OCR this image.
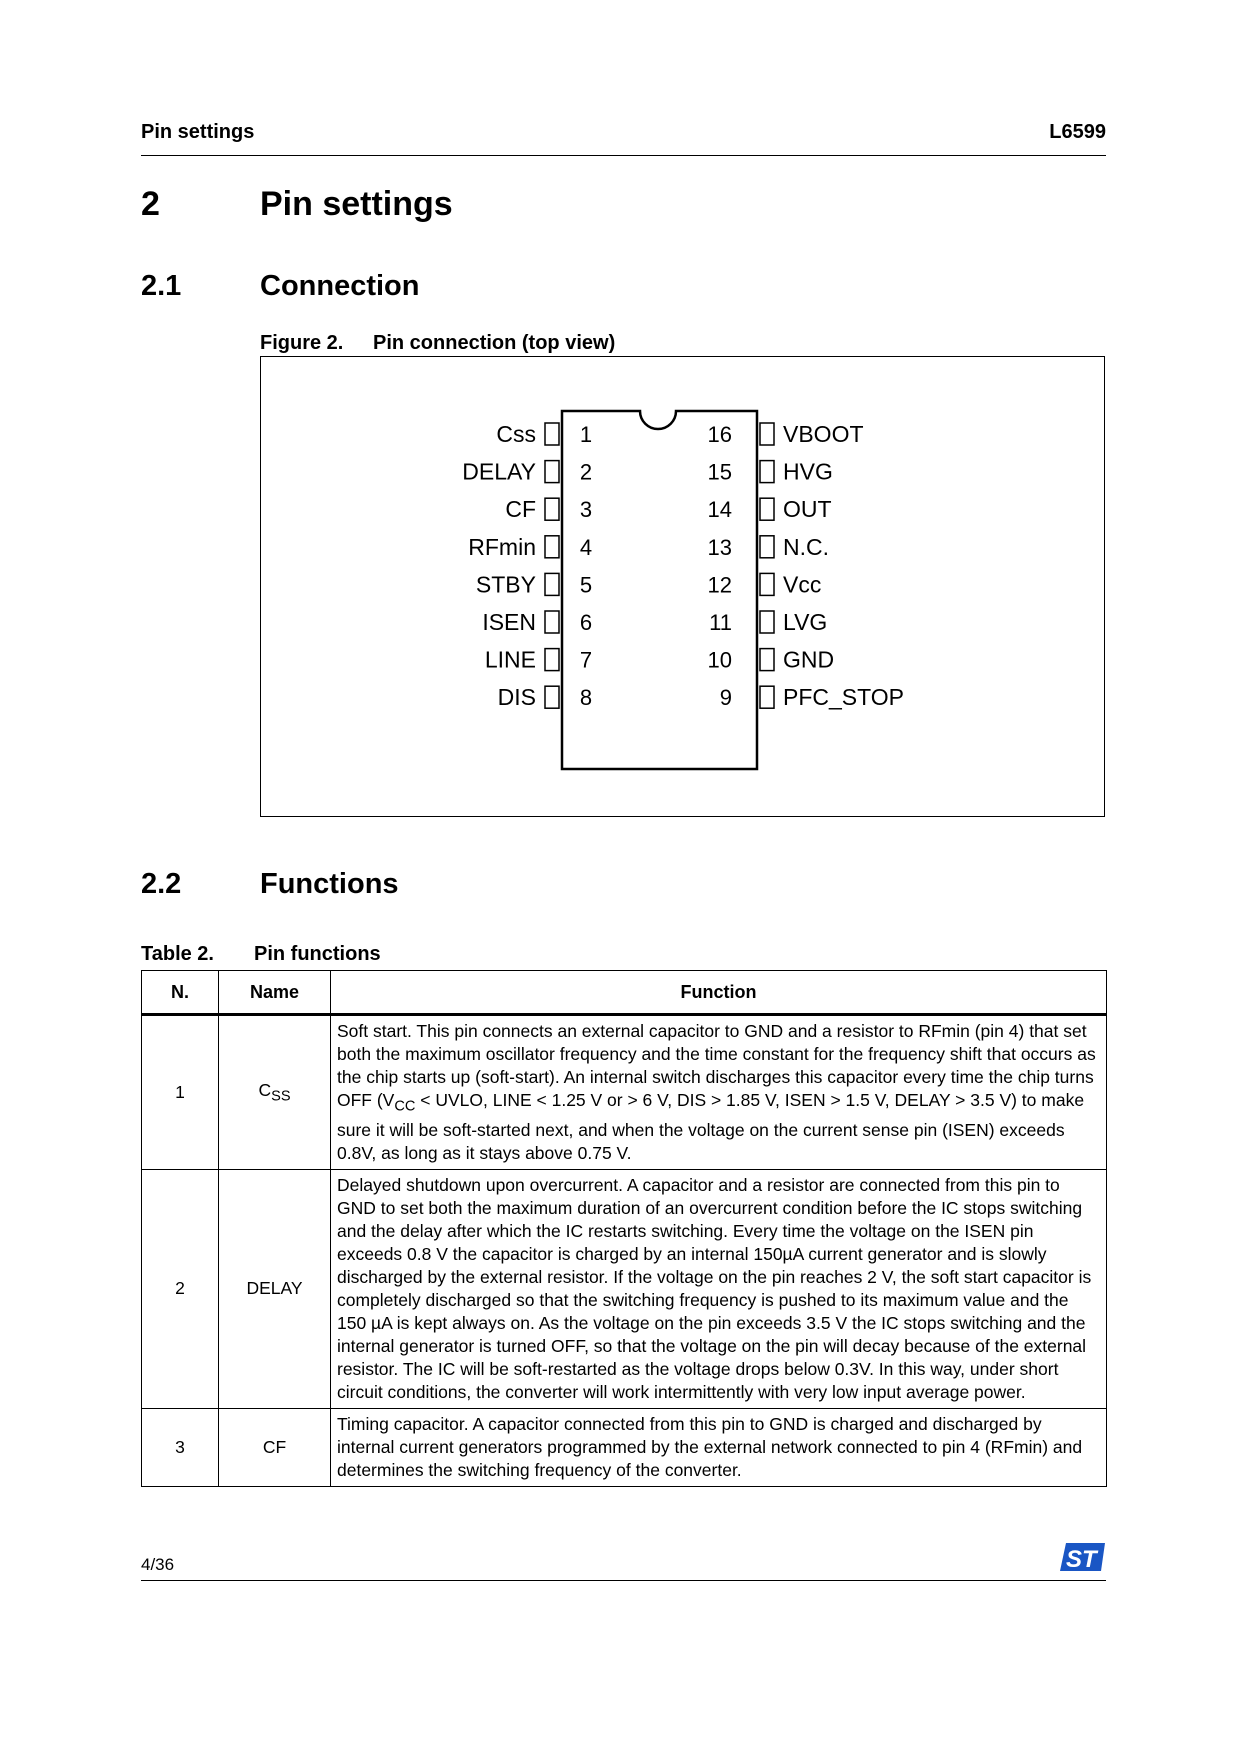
Pin settings	L6599
2	Pin settings
2.1	Connection
Figure 2. Pin connection (top view)
Css 1
DELAY 2
CF 3
RFmin 4
STBY 5
ISEN 6
LINE 7
DIS 8
VBOOT
16
HVG
15
OUT
14
N.C.
13
Vcc
12
LVG
11
GND
10
PFC_STOP
9
2.2	Functions
Table 2. Pin functions
N.	Name	Function
1	$C_{SS}$	Soft start. This pin connects an external capacitor to GND and a resistor to RFmin (pin 4) that set both the maximum oscillator frequency and the time constant for the frequency shift that occurs as the chip starts up (soft-start). An internal switch discharges this capacitor every time the chip turns OFF ($V_{CC}$ < UVLO, LINE < 1.25 V or > 6 V, DIS > 1.85 V, ISEN > 1.5 V, DELAY > 3.5 V) to make sure it will be soft-started next, and when the voltage on the current sense pin (ISEN) exceeds 0.8V, as long as it stays above 0.75 V.
2	DELAY	Delayed shutdown upon overcurrent. A capacitor and a resistor are connected from this pin to GND to set both the maximum duration of an overcurrent condition before the IC stops switching and the delay after which the IC restarts switching. Every time the voltage on the ISEN pin exceeds 0.8 V the capacitor is charged by an internal 150µA current generator and is slowly discharged by the external resistor. If the voltage on the pin reaches 2 V, the soft start capacitor is completely discharged so that the switching frequency is pushed to its maximum value and the 150 µA is kept always on. As the voltage on the pin exceeds 3.5 V the IC stops switching and the internal generator is turned OFF, so that the voltage on the pin will decay because of the external resistor. The IC will be soft-restarted as the voltage drops below 0.3V. In this way, under short circuit conditions, the converter will work intermittently with very low input average power.
3	CF	Timing capacitor. A capacitor connected from this pin to GND is charged and discharged by internal current generators programmed by the external network connected to pin 4 (RFmin) and determines the switching frequency of the converter.
4/36	ST
